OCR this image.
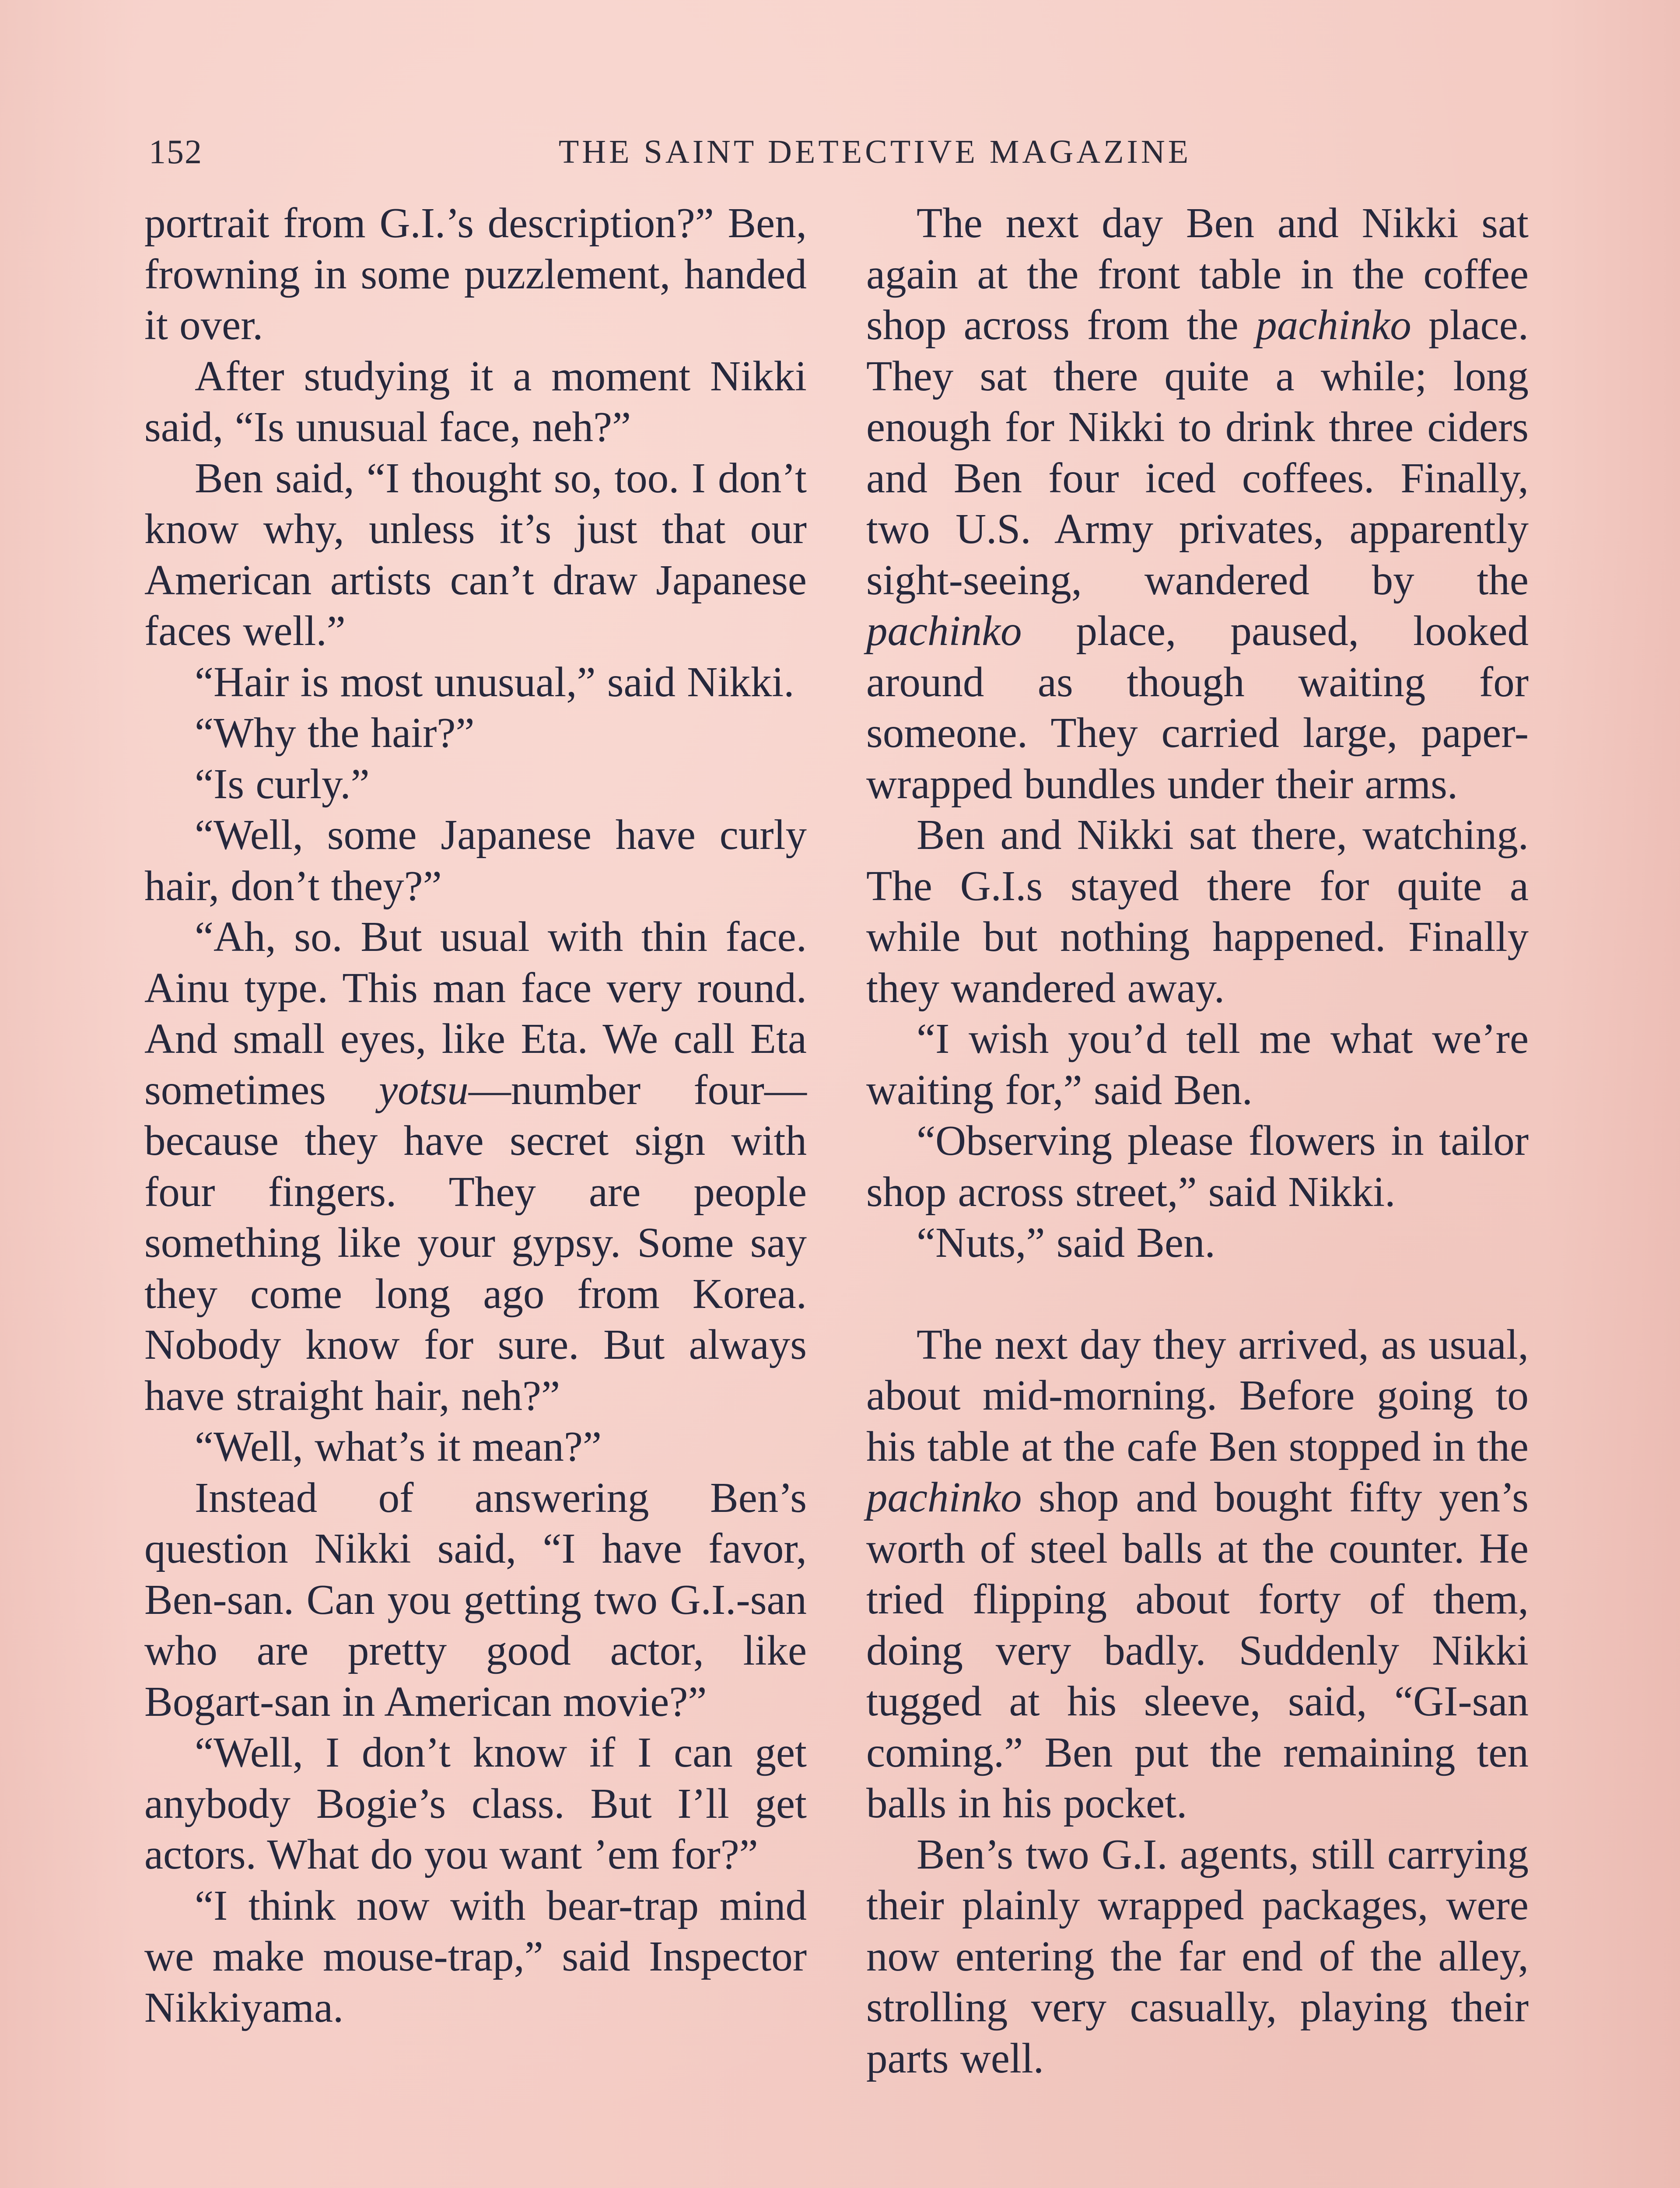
152	THE SAINT DETECTIVE MAGAZINE

portrait from G.I.’s description?” Ben, frowning in some puzzlement, handed it over.

After studying it a moment Nikki said, “Is unusual face, neh?”

Ben said, “I thought so, too. I don’t know why, unless it’s just that our American artists can’t draw Japanese faces well.”

“Hair is most unusual,” said Nikki.

“Why the hair?”

“Is curly.”

“Well, some Japanese have curly hair, don’t they?”

“Ah, so. But usual with thin face. Ainu type. This man face very round. And small eyes, like Eta. We call Eta sometimes yotsu—number four—because they have secret sign with four fingers. They are people something like your gypsy. Some say they come long ago from Korea. Nobody know for sure. But always have straight hair, neh?”

“Well, what’s it mean?”

Instead of answering Ben’s question Nikki said, “I have favor, Ben-san. Can you getting two G.I.-san who are pretty good actor, like Bogart-san in American movie?”

“Well, I don’t know if I can get anybody Bogie’s class. But I’ll get actors. What do you want ’em for?”

“I think now with bear-trap mind we make mouse-trap,” said Inspector Nikkiyama.

The next day Ben and Nikki sat again at the front table in the coffee shop across from the pachinko place. They sat there quite a while; long enough for Nikki to drink three ciders and Ben four iced coffees. Finally, two U.S. Army privates, apparently sight-seeing, wandered by the pachinko place, paused, looked around as though waiting for someone. They carried large, paper-wrapped bundles under their arms.

Ben and Nikki sat there, watching. The G.I.s stayed there for quite a while but nothing happened. Finally they wandered away.

“I wish you’d tell me what we’re waiting for,” said Ben.

“Observing please flowers in tailor shop across street,” said Nikki.

“Nuts,” said Ben.

The next day they arrived, as usual, about mid-morning. Before going to his table at the cafe Ben stopped in the pachinko shop and bought fifty yen’s worth of steel balls at the counter. He tried flipping about forty of them, doing very badly. Suddenly Nikki tugged at his sleeve, said, “GI-san coming.” Ben put the remaining ten balls in his pocket.

Ben’s two G.I. agents, still carrying their plainly wrapped packages, were now entering the far end of the alley, strolling very casually, playing their parts well.
